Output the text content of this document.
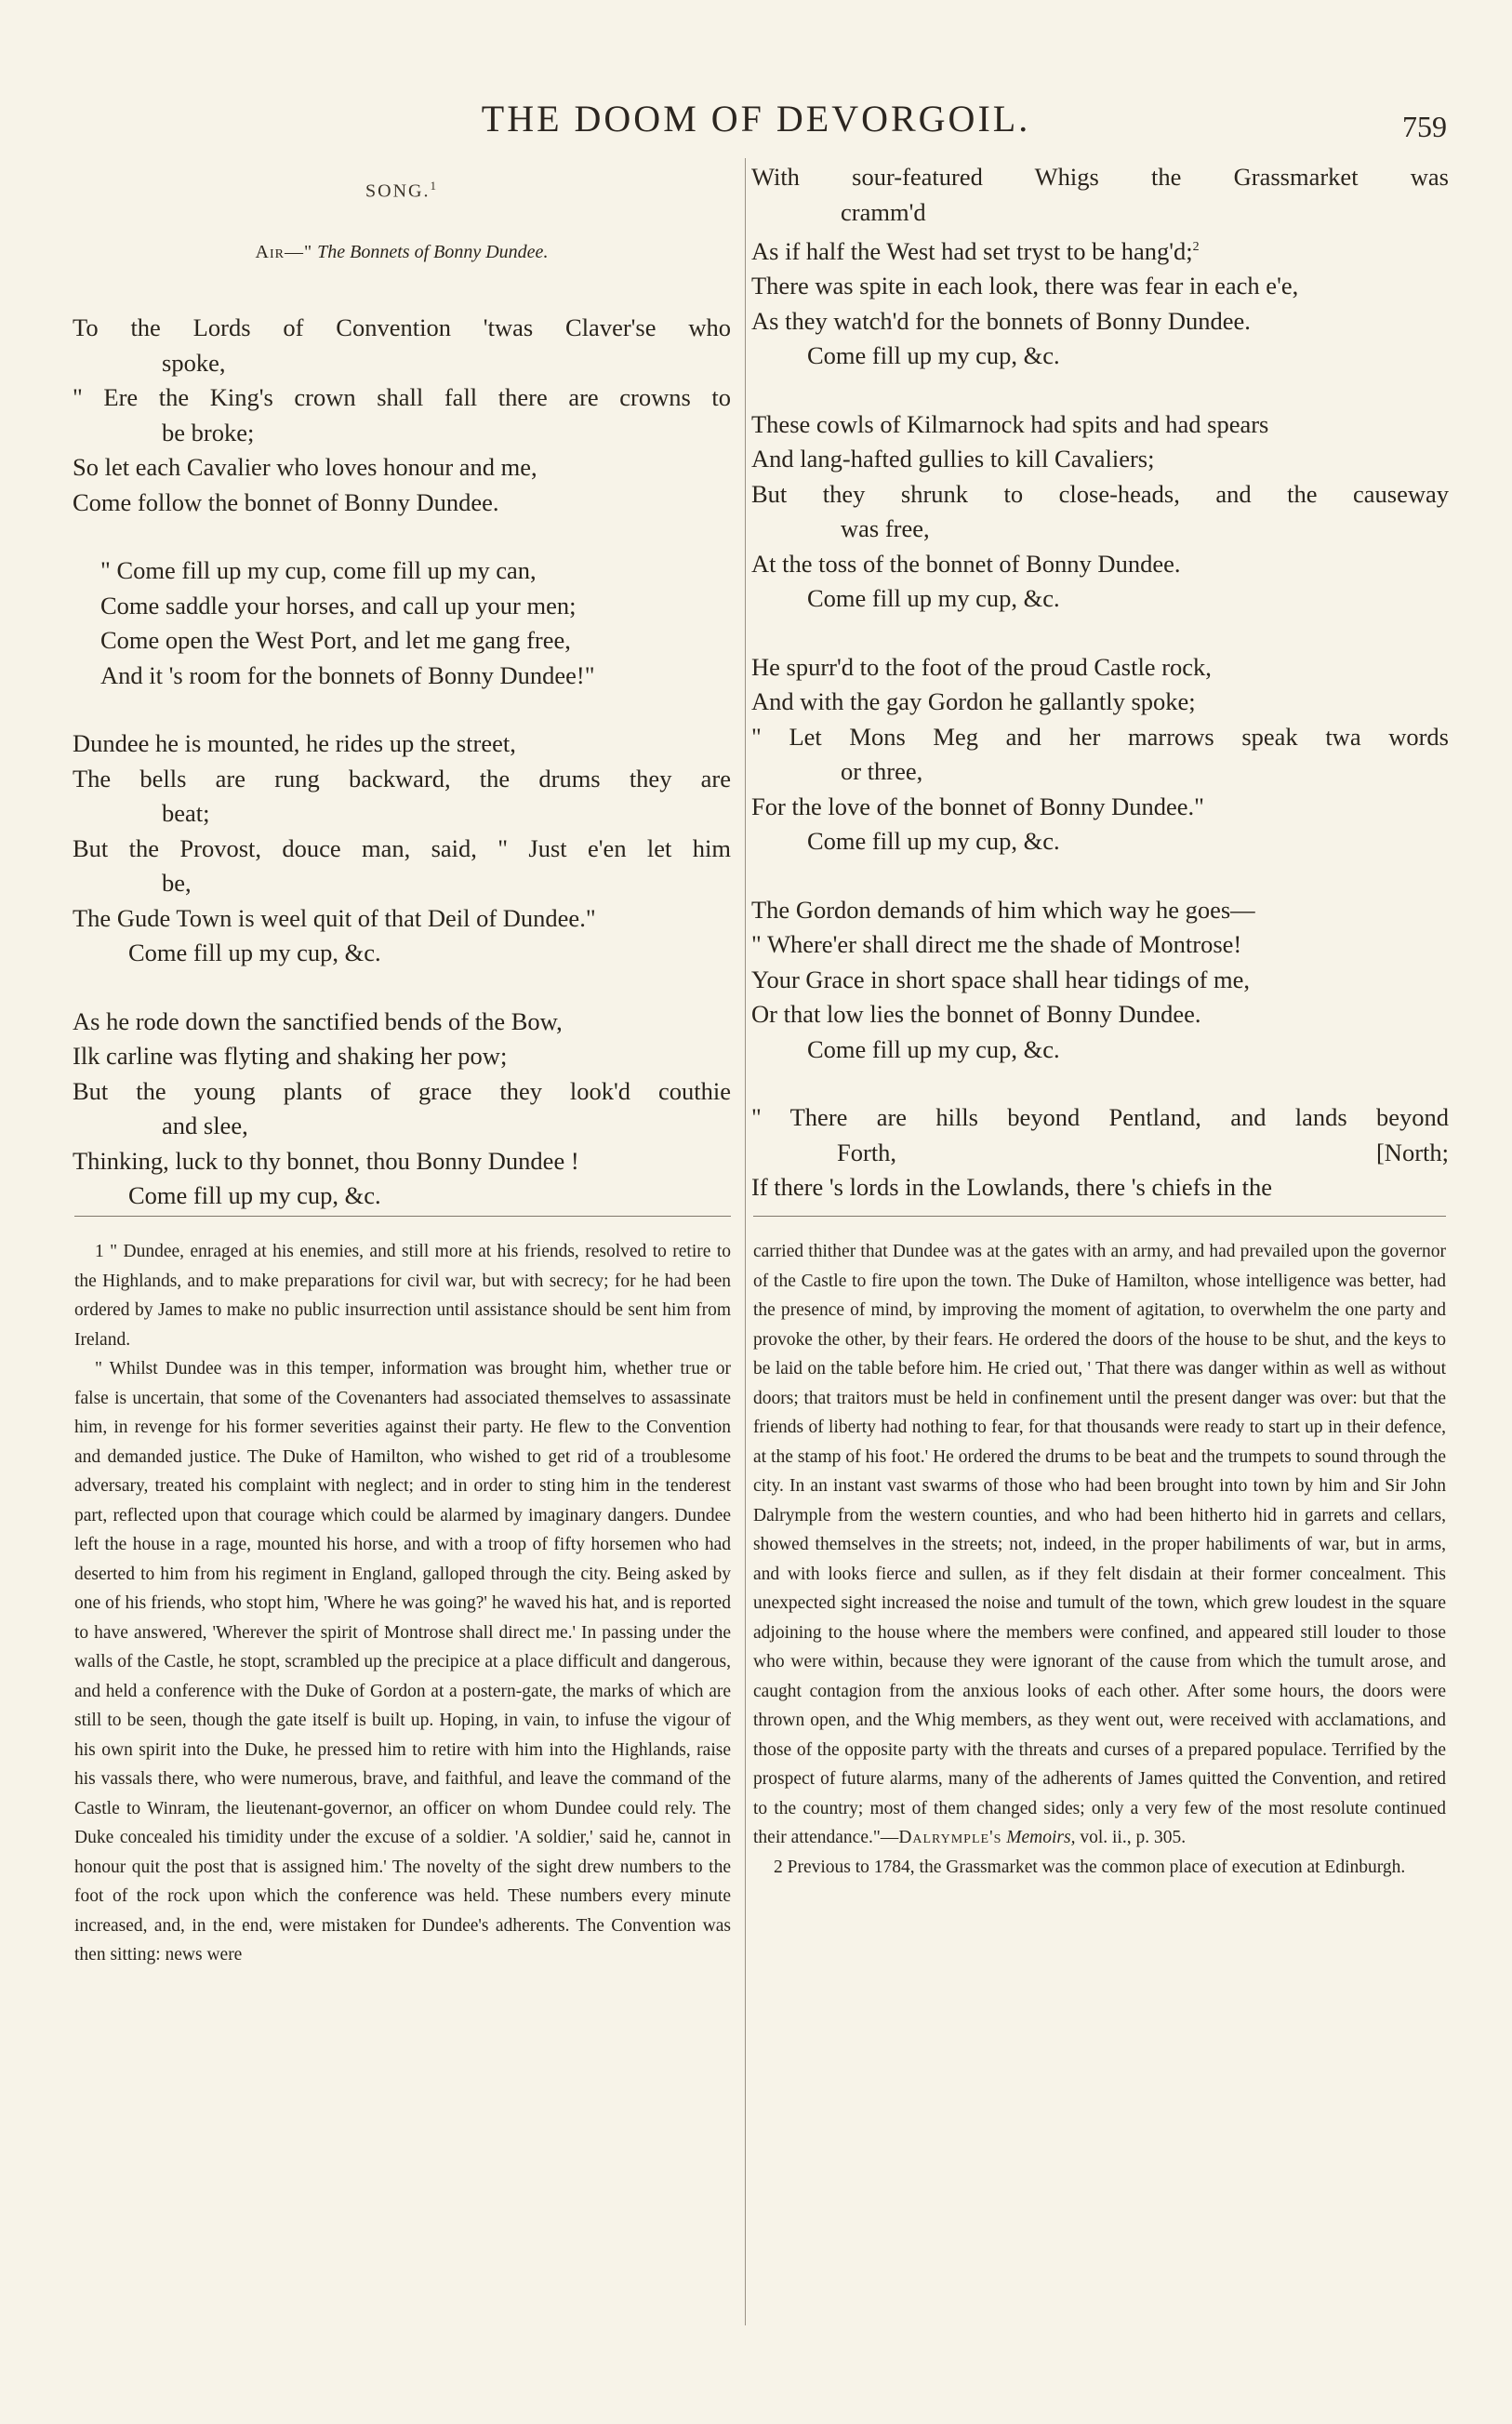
THE DOOM OF DEVORGOIL.	759
SONG.$^1$
Air—" The Bonnets of Bonny Dundee.
To the Lords of Convention 'twas Claver'se who
spoke,
" Ere the King's crown shall fall there are crowns to
be broke;
So let each Cavalier who loves honour and me,
Come follow the bonnet of Bonny Dundee.
" Come fill up my cup, come fill up my can,
Come saddle your horses, and call up your men;
Come open the West Port, and let me gang free,
And it 's room for the bonnets of Bonny Dundee!"
Dundee he is mounted, he rides up the street,
The bells are rung backward, the drums they are
beat;
But the Provost, douce man, said, " Just e'en let him
be,
The Gude Town is weel quit of that Deil of Dundee."
Come fill up my cup, &c.
As he rode down the sanctified bends of the Bow,
Ilk carline was flyting and shaking her pow;
But the young plants of grace they look'd couthie
and slee,
Thinking, luck to thy bonnet, thou Bonny Dundee !
Come fill up my cup, &c.
With sour-featured Whigs the Grassmarket was
cramm'd
As if half the West had set tryst to be hang'd;$^2$
There was spite in each look, there was fear in each e'e,
As they watch'd for the bonnets of Bonny Dundee.
Come fill up my cup, &c.
These cowls of Kilmarnock had spits and had spears
And lang-hafted gullies to kill Cavaliers;
But they shrunk to close-heads, and the causeway
was free,
At the toss of the bonnet of Bonny Dundee.
Come fill up my cup, &c.
He spurr'd to the foot of the proud Castle rock,
And with the gay Gordon he gallantly spoke;
" Let Mons Meg and her marrows speak twa words
or three,
For the love of the bonnet of Bonny Dundee."
Come fill up my cup, &c.
The Gordon demands of him which way he goes—
" Where'er shall direct me the shade of Montrose!
Your Grace in short space shall hear tidings of me,
Or that low lies the bonnet of Bonny Dundee.
Come fill up my cup, &c.
" There are hills beyond Pentland, and lands beyond
Forth,	[North;
If there 's lords in the Lowlands, there 's chiefs in the

1 " Dundee, enraged at his enemies, and still more at his friends, resolved to retire to the Highlands, and to make preparations for civil war, but with secrecy; for he had been ordered by James to make no public insurrection until assistance should be sent him from Ireland.

" Whilst Dundee was in this temper, information was brought him, whether true or false is uncertain, that some of the Covenanters had associated themselves to assassinate him, in revenge for his former severities against their party. He flew to the Convention and demanded justice. The Duke of Hamilton, who wished to get rid of a troublesome adversary, treated his complaint with neglect; and in order to sting him in the tenderest part, reflected upon that courage which could be alarmed by imaginary dangers. Dundee left the house in a rage, mounted his horse, and with a troop of fifty horsemen who had deserted to him from his regiment in England, galloped through the city. Being asked by one of his friends, who stopt him, 'Where he was going?' he waved his hat, and is reported to have answered, 'Wherever the spirit of Montrose shall direct me.' In passing under the walls of the Castle, he stopt, scrambled up the precipice at a place difficult and dangerous, and held a conference with the Duke of Gordon at a postern-gate, the marks of which are still to be seen, though the gate itself is built up. Hoping, in vain, to infuse the vigour of his own spirit into the Duke, he pressed him to retire with him into the Highlands, raise his vassals there, who were numerous, brave, and faithful, and leave the command of the Castle to Winram, the lieutenant-governor, an officer on whom Dundee could rely. The Duke concealed his timidity under the excuse of a soldier. 'A soldier,' said he, cannot in honour quit the post that is assigned him.' The novelty of the sight drew numbers to the foot of the rock upon which the conference was held. These numbers every minute increased, and, in the end, were mistaken for Dundee's adherents. The Convention was then sitting: news were

carried thither that Dundee was at the gates with an army, and had prevailed upon the governor of the Castle to fire upon the town. The Duke of Hamilton, whose intelligence was better, had the presence of mind, by improving the moment of agitation, to overwhelm the one party and provoke the other, by their fears. He ordered the doors of the house to be shut, and the keys to be laid on the table before him. He cried out, ' That there was danger within as well as without doors; that traitors must be held in confinement until the present danger was over: but that the friends of liberty had nothing to fear, for that thousands were ready to start up in their defence, at the stamp of his foot.' He ordered the drums to be beat and the trumpets to sound through the city. In an instant vast swarms of those who had been brought into town by him and Sir John Dalrymple from the western counties, and who had been hitherto hid in garrets and cellars, showed themselves in the streets; not, indeed, in the proper habiliments of war, but in arms, and with looks fierce and sullen, as if they felt disdain at their former concealment. This unexpected sight increased the noise and tumult of the town, which grew loudest in the square adjoining to the house where the members were confined, and appeared still louder to those who were within, because they were ignorant of the cause from which the tumult arose, and caught contagion from the anxious looks of each other. After some hours, the doors were thrown open, and the Whig members, as they went out, were received with acclamations, and those of the opposite party with the threats and curses of a prepared populace. Terrified by the prospect of future alarms, many of the adherents of James quitted the Convention, and retired to the country; most of them changed sides; only a very few of the most resolute continued their attendance."—Dalrymple's Memoirs, vol. ii., p. 305.

2 Previous to 1784, the Grassmarket was the common place of execution at Edinburgh.
